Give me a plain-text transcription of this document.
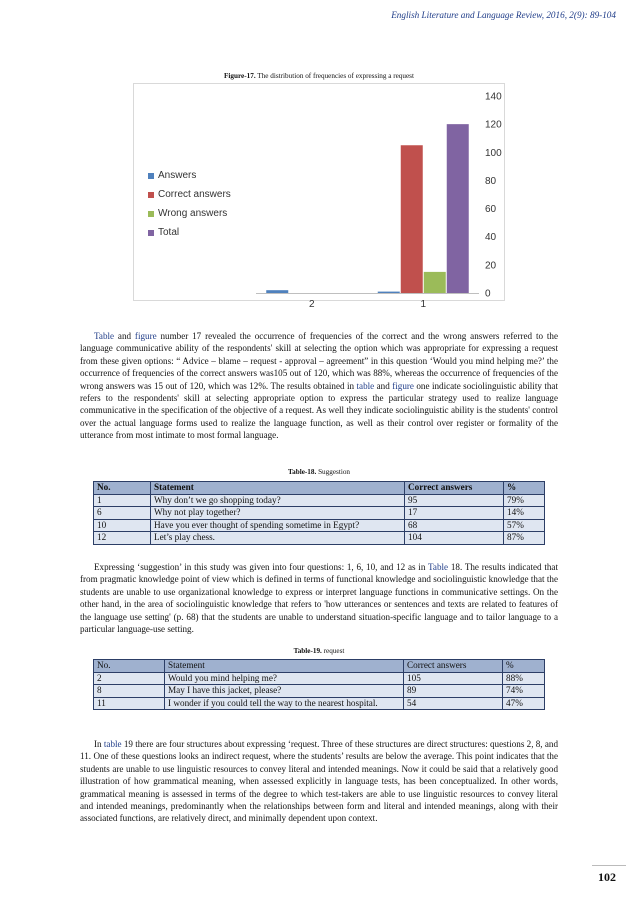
English Literature and Language Review, 2016, 2(9): 89-104
Figure-17. The distribution of frequencies of expressing a request
0
20
40
60
80
100
120
140
2	1
Answers
Correct answers
Wrong answers
Total

Table and figure number 17 revealed the occurrence of frequencies of the correct and the wrong answers referred to the language communicative ability of the respondents' skill at selecting the option which was appropriate for expressing a request from these given options: “ Advice – blame – request - approval – agreement” in this question ‘Would you mind helping me?’ the occurrence of frequencies of the correct answers was105 out of 120, which was 88%, whereas the occurrence of frequencies of the wrong answers was 15 out of 120, which was 12%. The results obtained in table and figure one indicate sociolinguistic ability that refers to the respondents' skill at selecting appropriate option to express the particular strategy used to realize language communicative in the specification of the objective of a request. As well they indicate sociolinguistic ability is the students' control over the actual language forms used to realize the language function, as well as their control over register or formality of the utterance from most intimate to most formal language.

Table-18. Suggestion
No.	Statement	Correct answers	%
1	Why don’t we go shopping today?	95	79%
6	Why not play together?	17	14%
10	Have you ever thought of spending sometime in Egypt?	68	57%
12	Let’s play chess.	104	87%

Expressing ‘suggestion’ in this study was given into four questions: 1, 6, 10, and 12 as in Table 18. The results indicated that from pragmatic knowledge point of view which is defined in terms of functional knowledge and sociolinguistic knowledge that the students are unable to use organizational knowledge to express or interpret language functions in communicative settings. On the other hand, in the area of sociolinguistic knowledge that refers to 'how utterances or sentences and texts are related to features of the language use setting' (p. 68) that the students are unable to understand situation-specific language and to tailor language to a particular language-use setting.

Table-19. request
No.	Statement	Correct answers	%
2	Would you mind helping me?	105	88%
8	May I have this jacket, please?	89	74%
11	I wonder if you could tell the way to the nearest hospital.	54	47%

In table 19 there are four structures about expressing ‘request. Three of these structures are direct structures: questions 2, 8, and 11. One of these questions looks an indirect request, where the students’ results are below the average. This point indicates that the students are unable to use linguistic resources to convey literal and intended meanings. Now it could be said that a relatively good illustration of how grammatical meaning, when assessed explicitly in language tests, has been conceptualized. In other words, grammatical meaning is assessed in terms of the degree to which test-takers are able to use linguistic resources to convey literal and intended meanings, predominantly when the relationships between form and literal and intended meanings, along with their associated functions, are relatively direct, and minimally dependent upon context.

102
